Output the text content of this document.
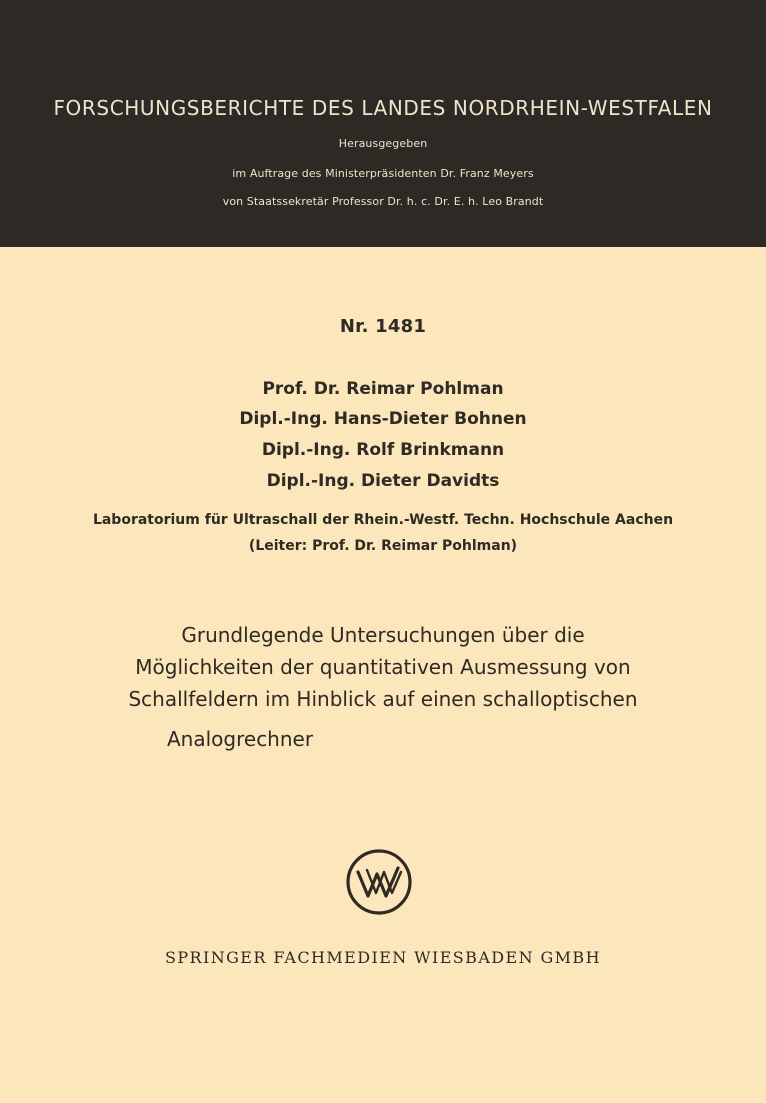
FORSCHUNGSBERICHTE DES LANDES NORDRHEIN-WESTFALEN
Herausgegeben
im Auftrage des Ministerpräsidenten Dr. Franz Meyers
von Staatssekretär Professor Dr. h. c. Dr. E. h. Leo Brandt
Nr. 1481
Prof. Dr. Reimar Pohlman
Dipl.-Ing. Hans-Dieter Bohnen
Dipl.-Ing. Rolf Brinkmann
Dipl.-Ing. Dieter Davidts
Laboratorium für Ultraschall der Rhein.-Westf. Techn. Hochschule Aachen
(Leiter: Prof. Dr. Reimar Pohlman)
Grundlegende Untersuchungen über die
Möglichkeiten der quantitativen Ausmessung von
Schallfeldern im Hinblick auf einen schalloptischen
Analogrechner
SPRINGER FACHMEDIEN WIESBADEN GMBH
